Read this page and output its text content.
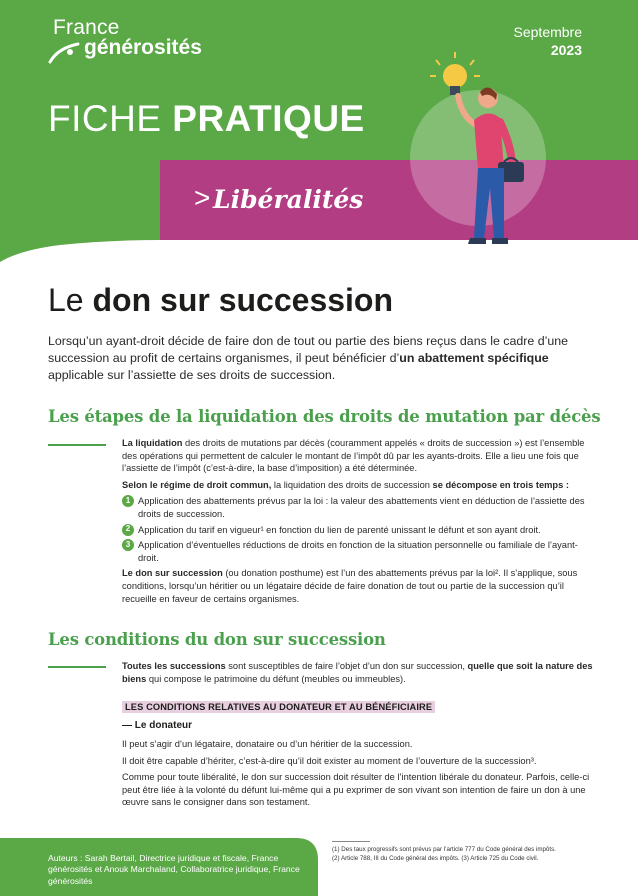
France
générosités
Septembre
2023
FICHE PRATIQUE
> Libéralités
Le don sur succession
Lorsqu’un ayant-droit décide de faire don de tout ou partie des biens reçus dans le cadre d’une succession au profit de certains organismes, il peut bénéficier d’un abattement spécifique applicable sur l’assiette de ses droits de succession.
Les étapes de la liquidation des droits de mutation par décès

La liquidation des droits de mutations par décès (couramment appelés « droits de succession ») est l’ensemble des opérations qui permettent de calculer le montant de l’impôt dû par les ayants-droits. Elle a lieu une fois que l’assiette de l’impôt (c’est-à-dire, la base d’imposition) a été déterminée.

Selon le régime de droit commun, la liquidation des droits de succession se décompose en trois temps :

1 Application des abattements prévus par la loi : la valeur des abattements vient en déduction de l’assiette des droits de succession.
2 Application du tarif en vigueur¹ en fonction du lien de parenté unissant le défunt et son ayant droit.
3 Application d’éventuelles réductions de droits en fonction de la situation personnelle ou familiale de l’ayant-droit.

Le don sur succession (ou donation posthume) est l’un des abattements prévus par la loi². Il s’applique, sous conditions, lorsqu’un héritier ou un légataire décide de faire donation de tout ou partie de la succession qu’il recueille en faveur de certains organismes.

Les conditions du don sur succession

Toutes les successions sont susceptibles de faire l’objet d’un don sur succession, quelle que soit la nature des biens qui compose le patrimoine du défunt (meubles ou immeubles).

LES CONDITIONS RELATIVES AU DONATEUR ET AU BÉNÉFICIAIRE
— Le donateur

Il peut s’agir d’un légataire, donataire ou d’un héritier de la succession.

Il doit être capable d’hériter, c’est-à-dire qu’il doit exister au moment de l’ouverture de la succession³.

Comme pour toute libéralité, le don sur succession doit résulter de l’intention libérale du donateur. Parfois, celle-ci peut être liée à la volonté du défunt lui-même qui a pu exprimer de son vivant son intention de faire un don à une œuvre sans le consigner dans son testament.

Auteurs : Sarah Bertail, Directrice juridique et fiscale, France générosités et Anouk Marchaland, Collaboratrice juridique, France générosités
(1) Des taux progressifs sont prévus par l’article 777 du Code général des impôts.
(2) Article 788, III du Code général des impôts. (3) Article 725 du Code civil.
